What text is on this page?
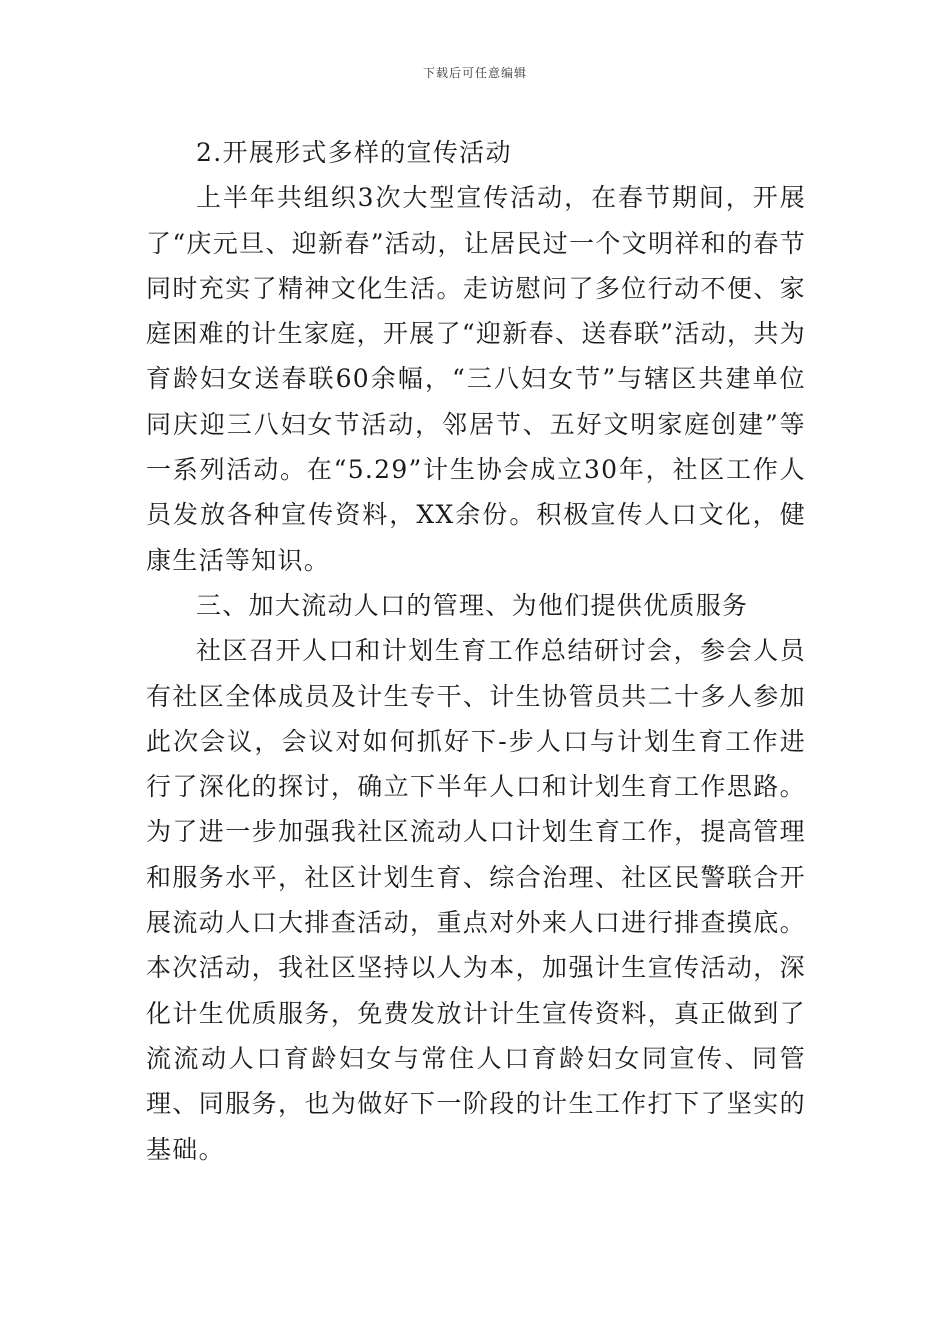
下载后可任意编辑

2.开展形式多样的宣传活动

上半年共组织3次大型宣传活动，在春节期间，开展了“庆元旦、迎新春”活动，让居民过一个文明祥和的春节同时充实了精神文化生活。走访慰问了多位行动不便、家庭困难的计生家庭，开展了“迎新春、送春联”活动，共为育龄妇女送春联60余幅，“三八妇女节”与辖区共建单位同庆迎三八妇女节活动，邻居节、五好文明家庭创建”等一系列活动。在“5.29”计生协会成立30年，社区工作人员发放各种宣传资料，XX余份。积极宣传人口文化，健康生活等知识。

三、加大流动人口的管理、为他们提供优质服务

社区召开人口和计划生育工作总结研讨会，参会人员有社区全体成员及计生专干、计生协管员共二十多人参加此次会议，会议对如何抓好下-步人口与计划生育工作进行了深化的探讨，确立下半年人口和计划生育工作思路。为了进一步加强我社区流动人口计划生育工作，提高管理和服务水平，社区计划生育、综合治理、社区民警联合开展流动人口大排查活动，重点对外来人口进行排查摸底。本次活动，我社区坚持以人为本，加强计生宣传活动，深化计生优质服务，免费发放计计生宣传资料，真正做到了流流动人口育龄妇女与常住人口育龄妇女同宣传、同管理、同服务，也为做好下一阶段的计生工作打下了坚实的基础。
